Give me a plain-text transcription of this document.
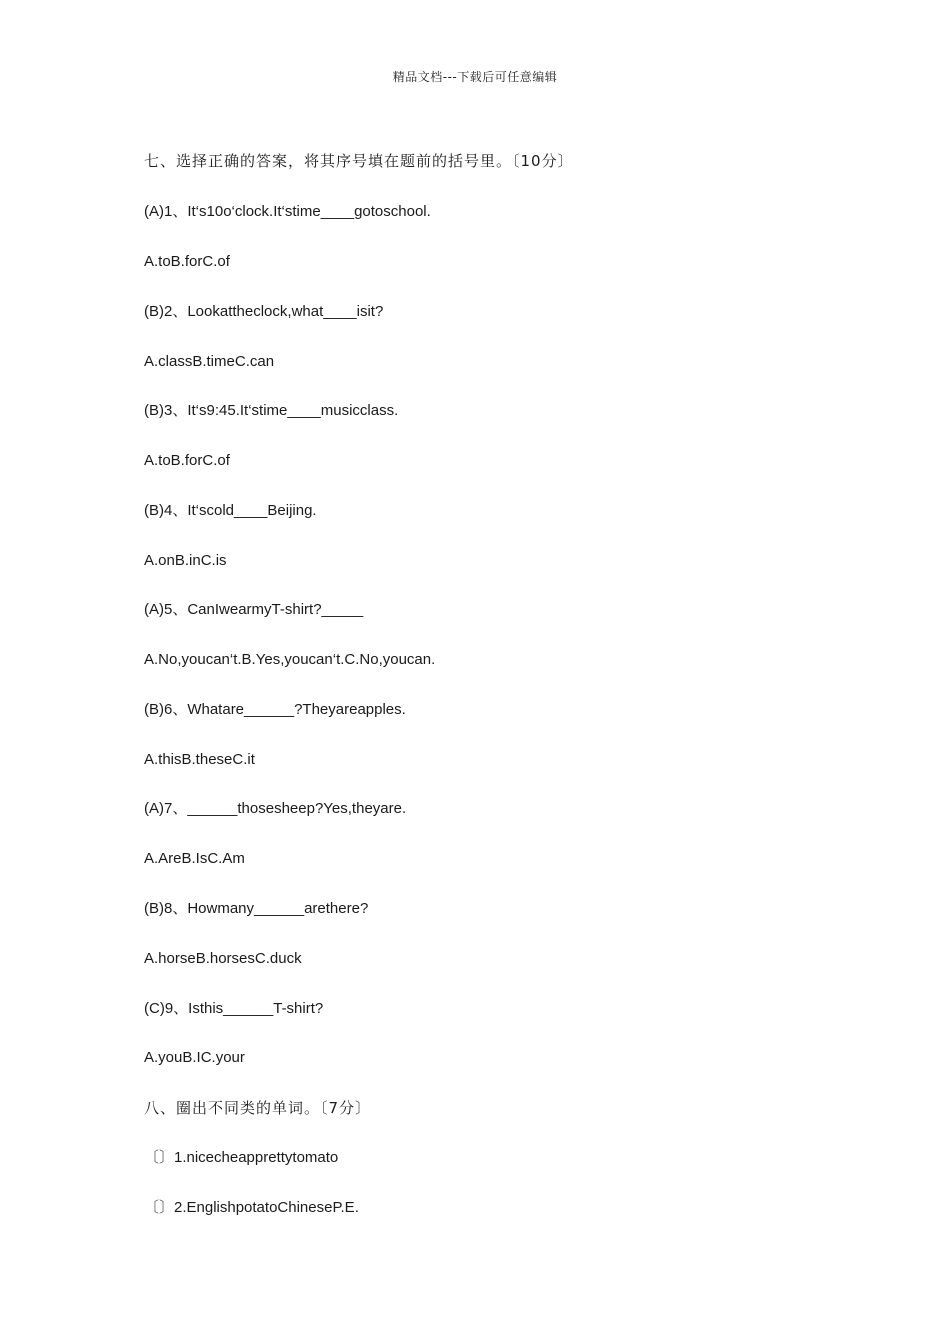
精品文档---下载后可任意编辑
七、选择正确的答案，将其序号填在题前的括号里。〔10分〕
(A)1、It‘s10o‘clock.It‘stime____gotoschool.
A.toB.forC.of
(B)2、Lookattheclock,what____isit?
A.classB.timeC.can
(B)3、It‘s9:45.It‘stime____musicclass.
A.toB.forC.of
(B)4、It‘scold____Beijing.
A.onB.inC.is
(A)5、CanIwearmyT-shirt?_____
A.No,youcan‘t.B.Yes,youcan‘t.C.No,youcan.
(B)6、Whatare______?Theyareapples.
A.thisB.theseC.it
(A)7、______thosesheep?Yes,theyare.
A.AreB.IsC.Am
(B)8、Howmany______arethere?
A.horseB.horsesC.duck
(C)9、Isthis______T-shirt?
A.youB.IC.your
八、圈出不同类的单词。〔7分〕
〔〕1.nicecheapprettytomato
〔〕2.EnglishpotatoChineseP.E.
